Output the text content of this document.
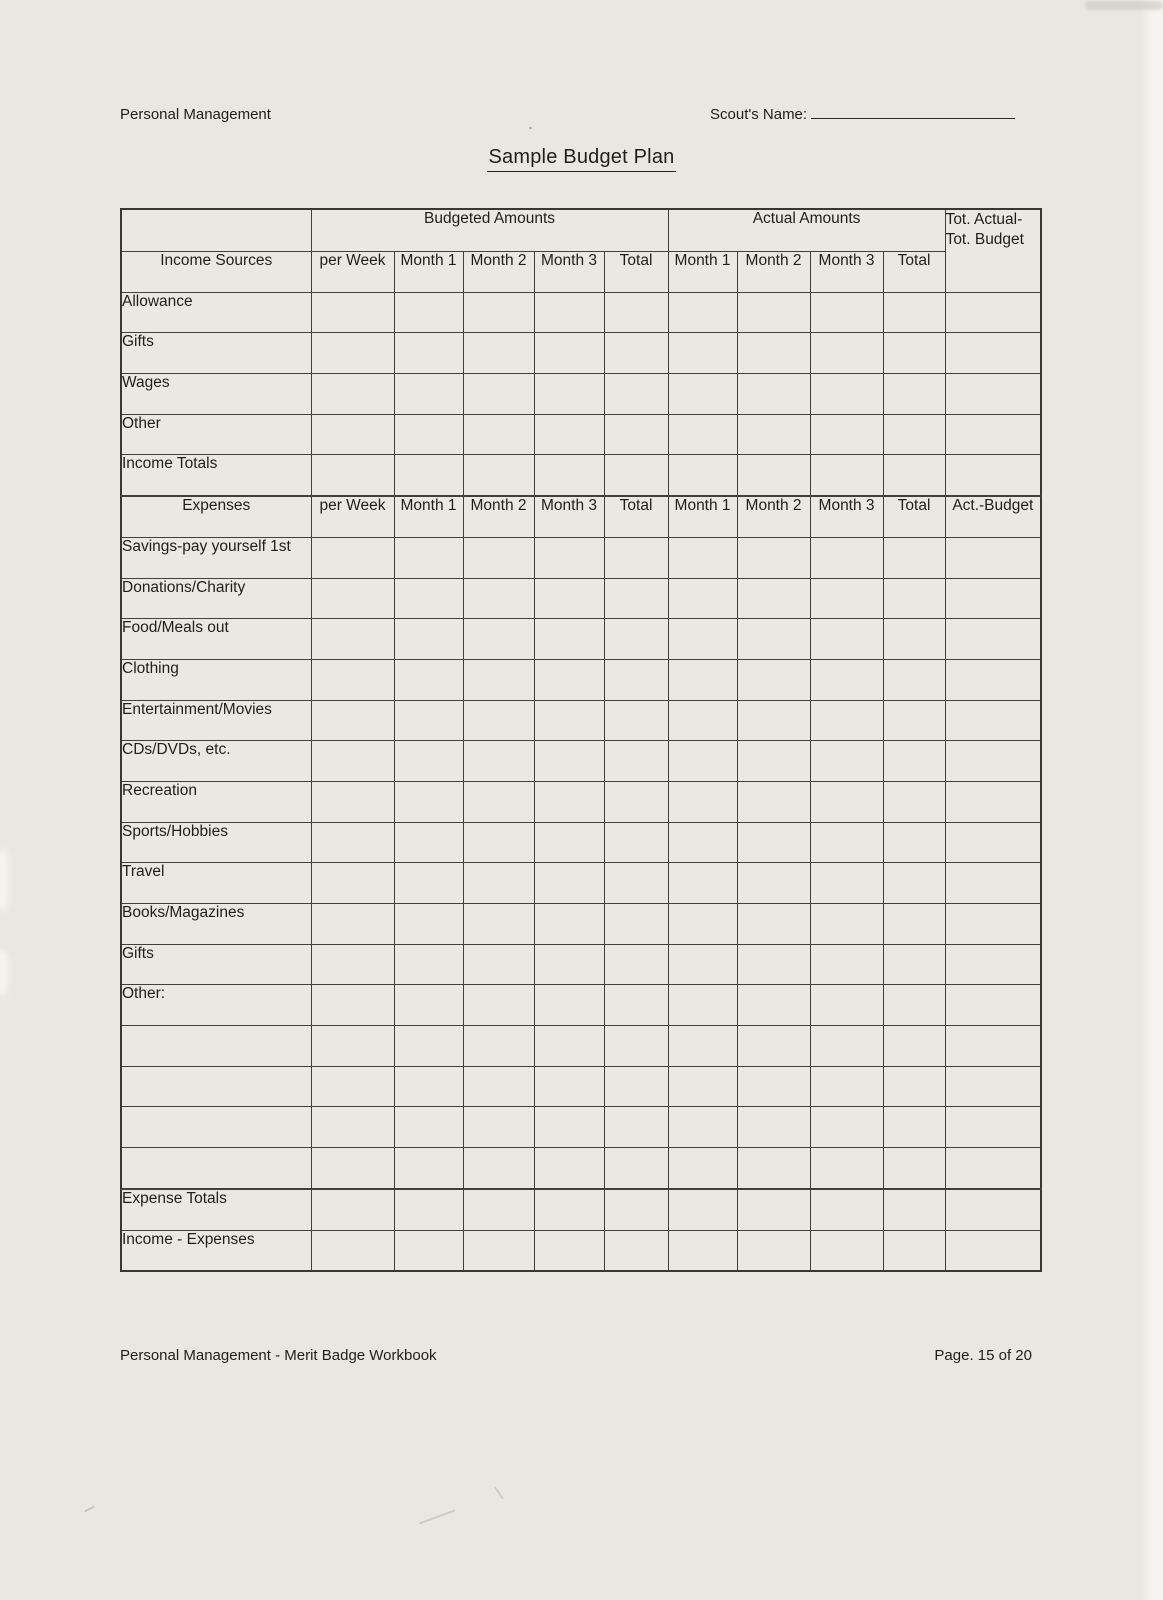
Personal Management	Scout's Name:
Sample Budget Plan
	Budgeted Amounts					Actual Amounts				Tot. Actual-
Tot. Budget

Income Sources	per Week	Month 1	Month 2	Month 3	Total	Month 1	Month 2	Month 3	Total	
Allowance										
Gifts										
Wages										
Other										
Income Totals										
Expenses	per Week	Month 1	Month 2	Month 3	Total	Month 1	Month 2	Month 3	Total	Act.-Budget
Savings-pay yourself 1st										
Donations/Charity										
Food/Meals out										
Clothing										
Entertainment/Movies										
CDs/DVDs, etc.										
Recreation										
Sports/Hobbies										
Travel										
Books/Magazines										
Gifts										
Other:										

Expense Totals										
Income - Expenses										
Personal Management - Merit Badge Workbook	Page. 15 of 20
